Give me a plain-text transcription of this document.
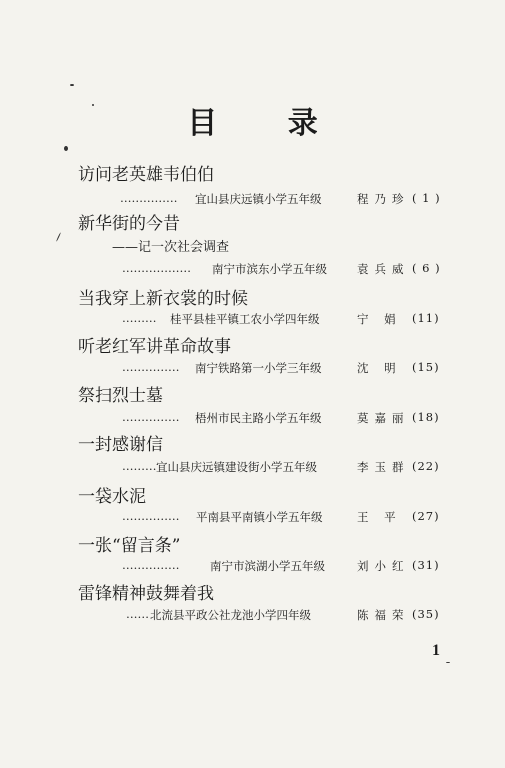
目 录
访问老英雄韦伯伯
…………… 宜山县庆远镇小学五年级	程乃珍 ( 1 )
新华街的今昔
——记一次社会调查
……………… 南宁市滨东小学五年级	袁兵威 ( 6 )
当我穿上新衣裳的时候
……… 桂平县桂平镇工农小学四年级	宁 娟 (11)
听老红军讲革命故事
…………… 南宁铁路第一小学三年级	沈 明 (15)
祭扫烈士墓
…………… 梧州市民主路小学五年级	莫嘉丽 (18)
一封感谢信
……… 宜山县庆远镇建设街小学五年级	李玉群 (22)
一袋水泥
…………… 平南县平南镇小学五年级	王 平 (27)
一张“留言条”
……………	南宁市滨湖小学五年级	刘小红 (31)
雷锋精神鼓舞着我
…… 北流县平政公社龙池小学四年级	陈福荣 (35)
1
